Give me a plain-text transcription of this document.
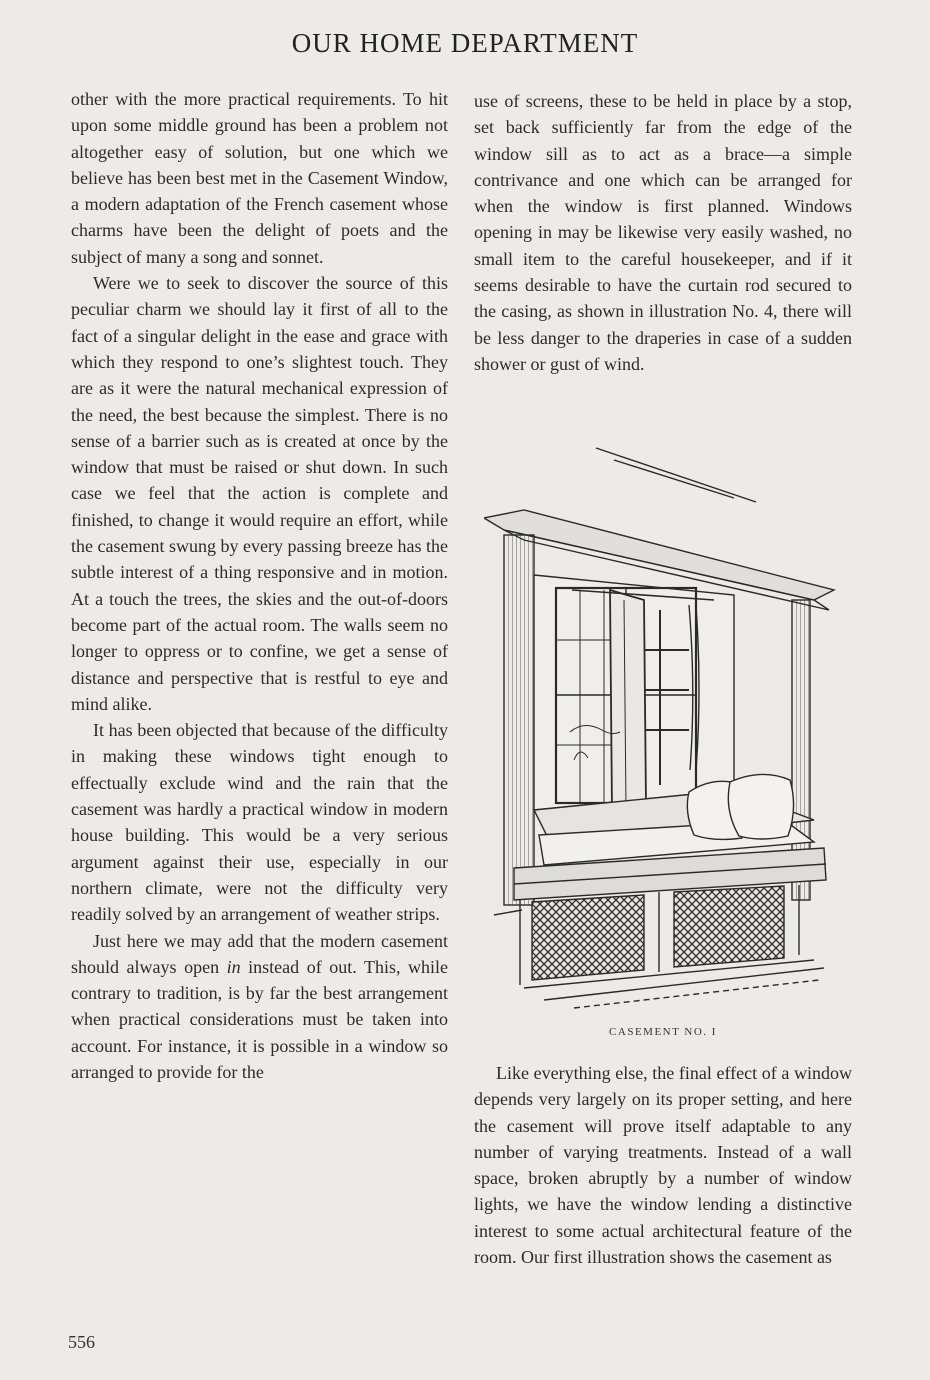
OUR HOME DEPARTMENT

other with the more practical requirements. To hit upon some middle ground has been a problem not altogether easy of solution, but one which we believe has been best met in the Casement Window, a modern adaptation of the French casement whose charms have been the delight of poets and the subject of many a song and sonnet.

Were we to seek to discover the source of this peculiar charm we should lay it first of all to the fact of a singular delight in the ease and grace with which they respond to one’s slightest touch. They are as it were the natural mechanical expression of the need, the best because the simplest. There is no sense of a barrier such as is created at once by the window that must be raised or shut down. In such case we feel that the action is complete and finished, to change it would require an effort, while the casement swung by every passing breeze has the subtle interest of a thing responsive and in motion. At a touch the trees, the skies and the out-of-doors become part of the actual room. The walls seem no longer to oppress or to confine, we get a sense of distance and perspective that is restful to eye and mind alike.

It has been objected that because of the difficulty in making these windows tight enough to effectually exclude wind and the rain that the casement was hardly a practical window in modern house building. This would be a very serious argument against their use, especially in our northern climate, were not the difficulty very readily solved by an arrangement of weather strips.

Just here we may add that the modern casement should always open in instead of out. This, while contrary to tradition, is by far the best arrangement when practical considerations must be taken into account. For instance, it is possible in a window so arranged to provide for the

use of screens, these to be held in place by a stop, set back sufficiently far from the edge of the window sill as to act as a brace—a simple contrivance and one which can be arranged for when the window is first planned. Windows opening in may be likewise very easily washed, no small item to the careful housekeeper, and if it seems desirable to have the curtain rod secured to the casing, as shown in illustration No. 4, there will be less danger to the draperies in case of a sudden shower or gust of wind.

CASEMENT NO. I

Like everything else, the final effect of a window depends very largely on its proper setting, and here the casement will prove itself adaptable to any number of varying treatments. Instead of a wall space, broken abruptly by a number of window lights, we have the window lending a distinctive interest to some actual architectural feature of the room. Our first illustration shows the casement as

556
